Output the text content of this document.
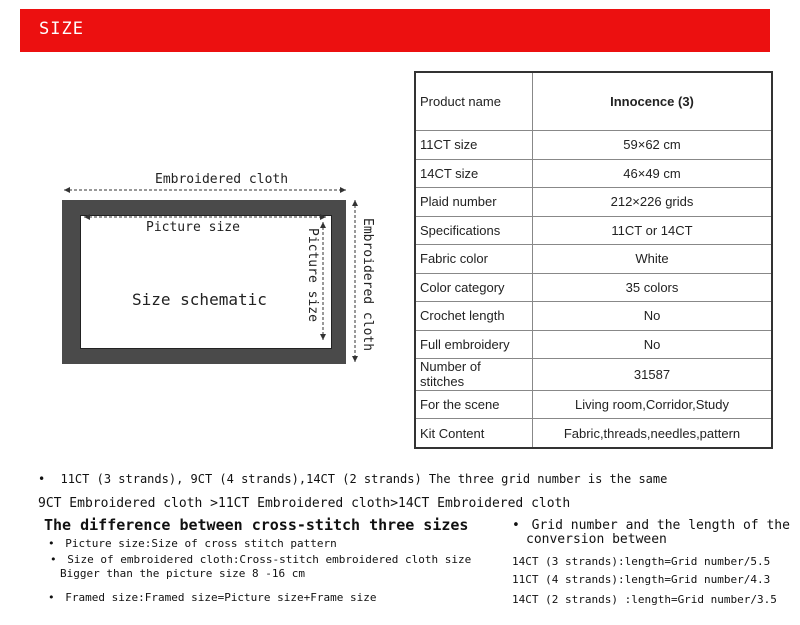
SIZE
Embroidered cloth
Picture size
Size schematic	Picture size	Embroidered cloth
Product name	Innocence (3)
11CT size	59×62 cm
14CT size	46×49 cm
Plaid number	212×226 grids
Specifications	11CT or 14CT
Fabric color	White
Color category	35 colors
Crochet length	No
Full embroidery	No
Number of stitches	31587
For the scene	Living room,Corridor,Study
Kit Content	Fabric,threads,needles,pattern
• 11CT (3 strands), 9CT (4 strands),14CT (2 strands) The three grid number is the same
9CT Embroidered cloth >11CT Embroidered cloth>14CT Embroidered cloth
The difference between cross-stitch three sizes
• Picture size:Size of cross stitch pattern
• Size of embroidered cloth:Cross-stitch embroidered cloth size
Bigger than the picture size 8 -16 cm
• Framed size:Framed size=Picture size+Frame size
• Grid number and the length of the
conversion between
14CT (3 strands):length=Grid number/5.5
11CT (4 strands):length=Grid number/4.3
14CT (2 strands) :length=Grid number/3.5
